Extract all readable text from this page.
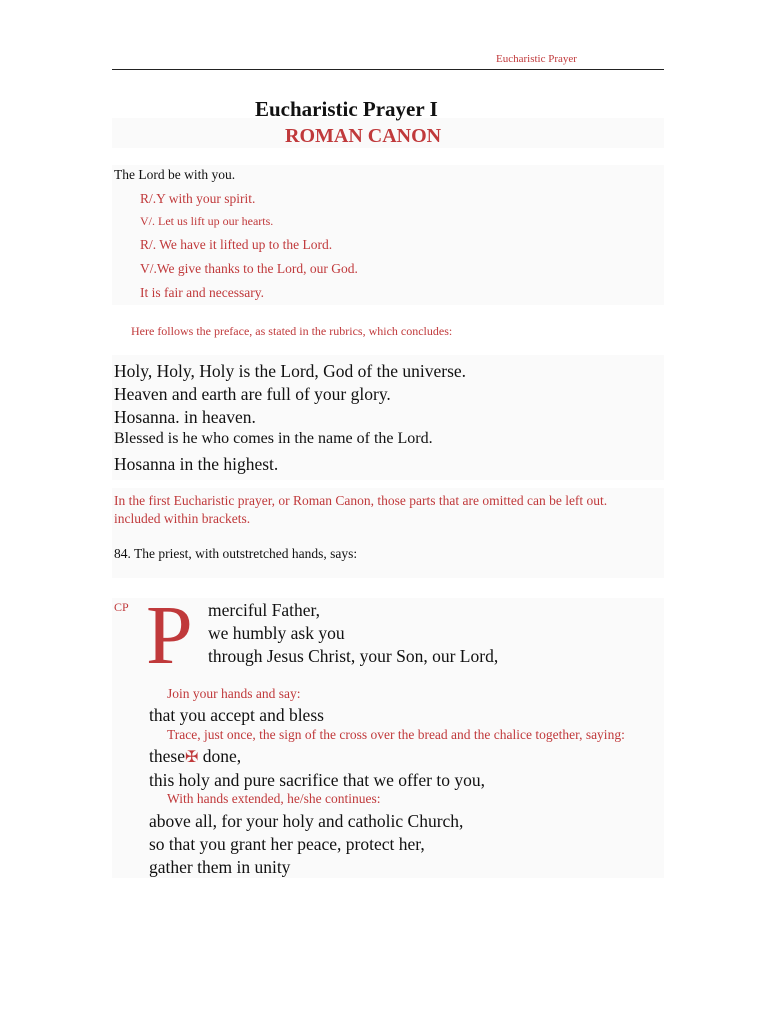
Eucharistic Prayer
Eucharistic Prayer I
ROMAN CANON
The Lord be with you.
R/.Y with your spirit.
V/. Let us lift up our hearts.
R/. We have it lifted up to the Lord.
V/.We give thanks to the Lord, our God.
It is fair and necessary.
Here follows the preface, as stated in the rubrics, which concludes:
Holy, Holy, Holy is the Lord, God of the universe.
Heaven and earth are full of your glory.
Hosanna. in heaven.
Blessed is he who comes in the name of the Lord.
Hosanna in the highest.
In the first Eucharistic prayer, or Roman Canon, those parts that are omitted can be left out.
included within brackets.
84. The priest, with outstretched hands, says:
CP P merciful Father,
we humbly ask you
through Jesus Christ, your Son, our Lord,
Join your hands and say:
that you accept and bless
Trace, just once, the sign of the cross over the bread and the chalice together, saying:
these✠ done,
this holy and pure sacrifice that we offer to you,
With hands extended, he/she continues:
above all, for your holy and catholic Church,
so that you grant her peace, protect her,
gather them in unity
